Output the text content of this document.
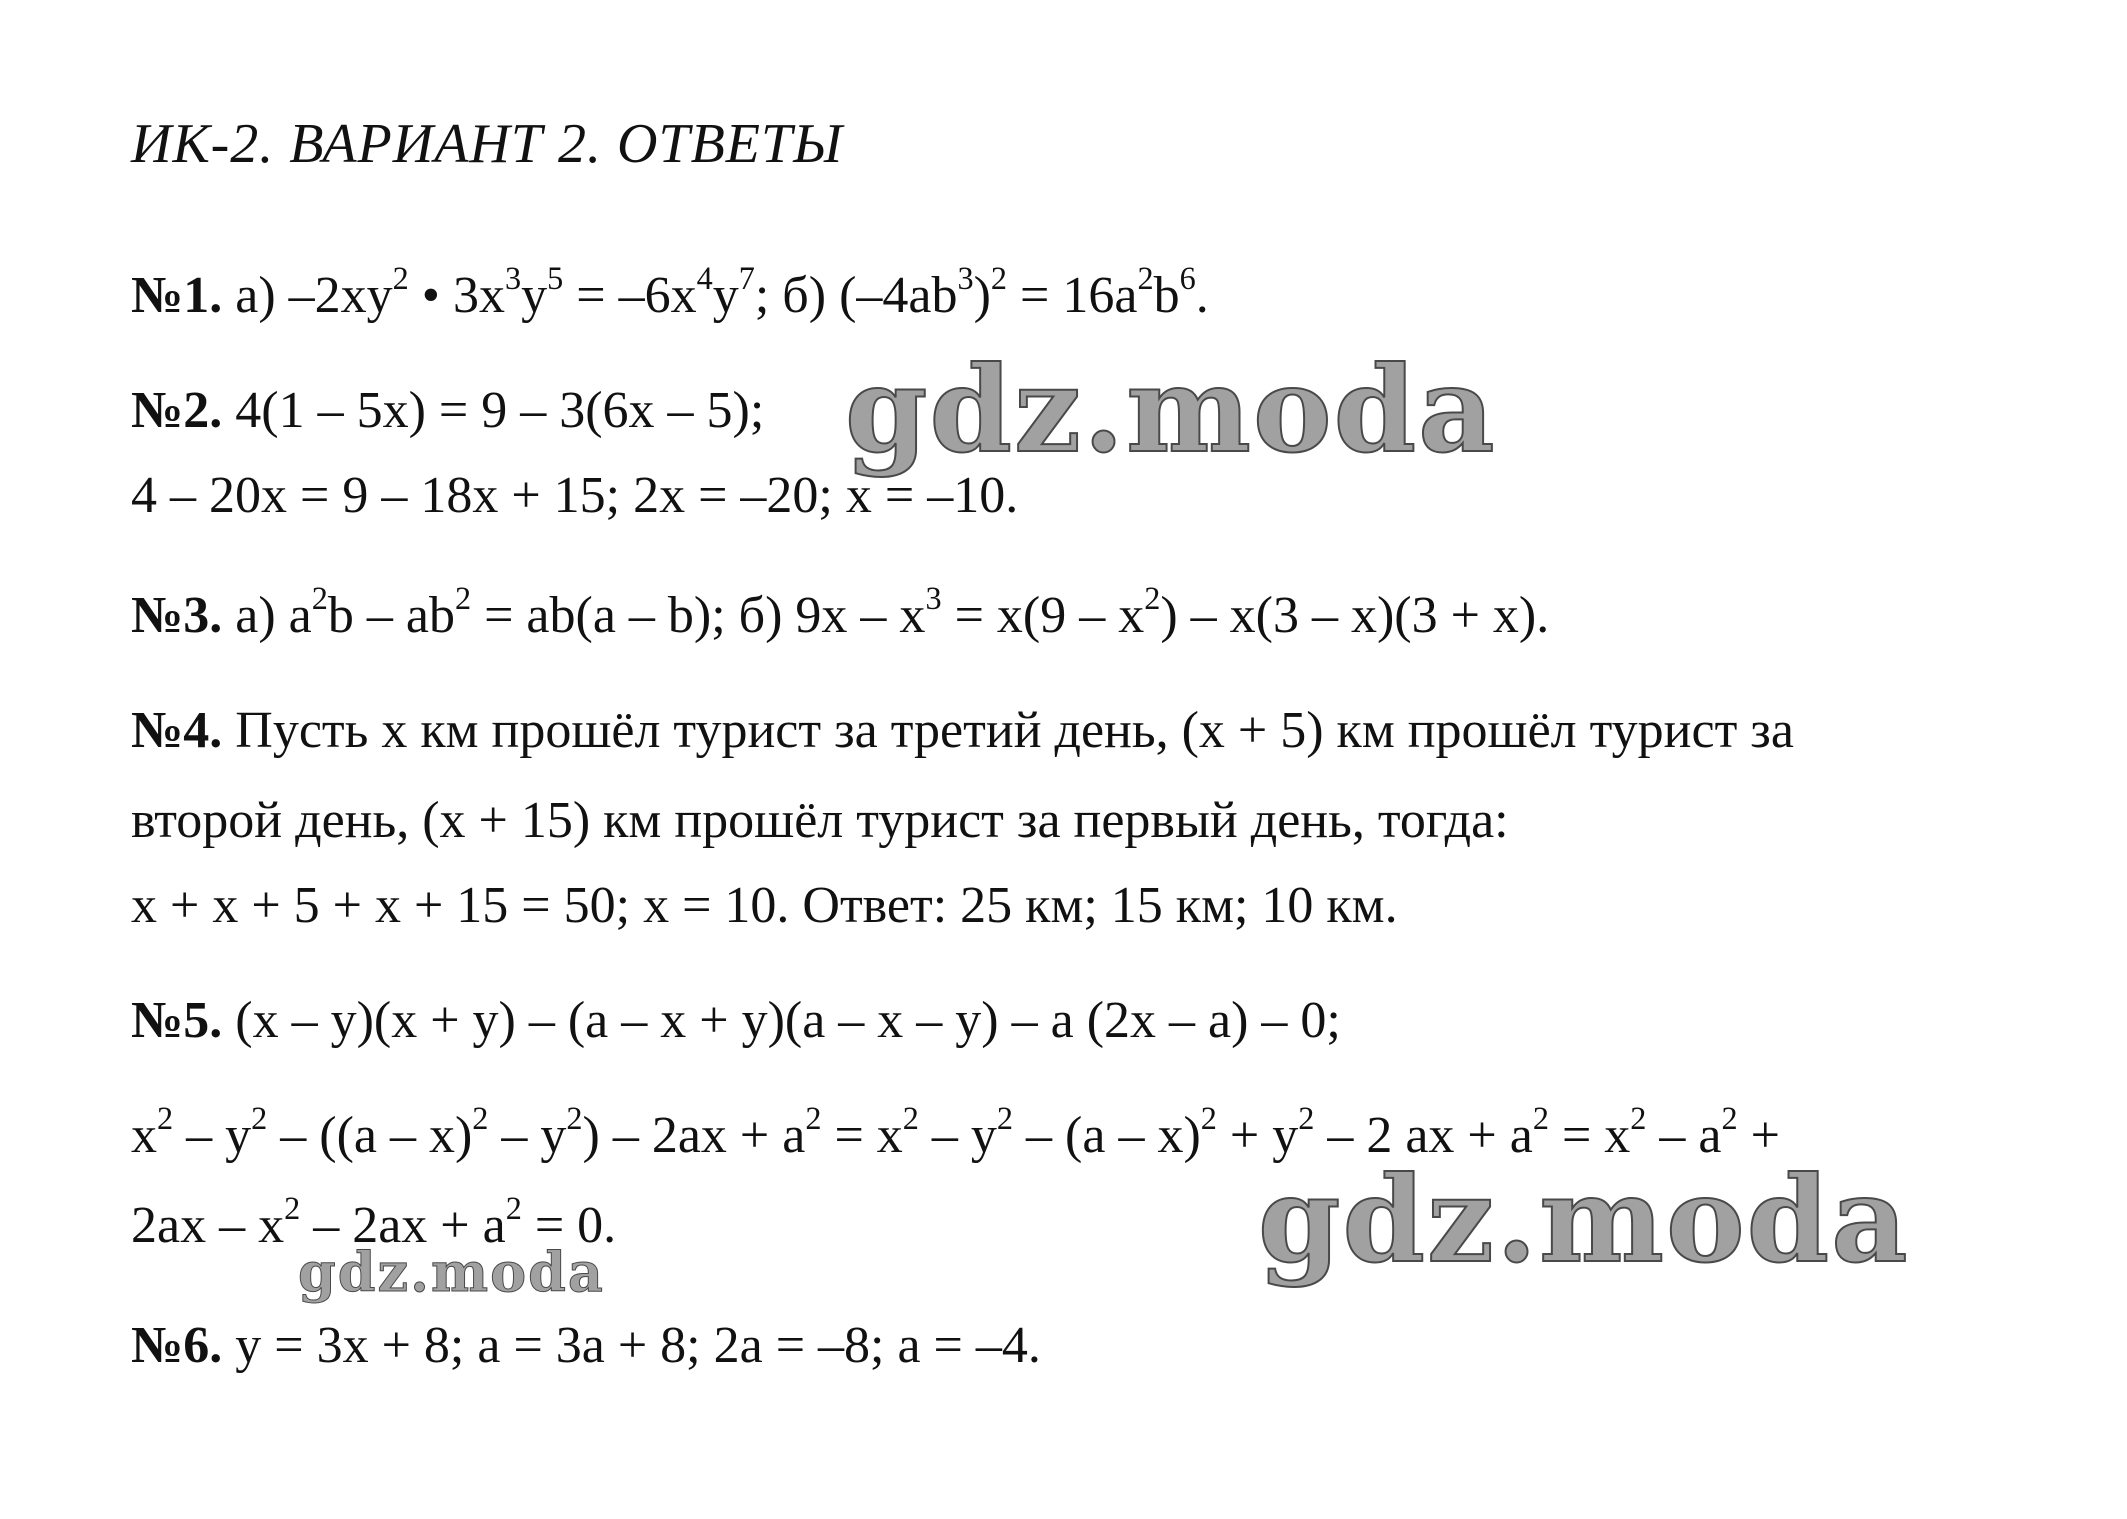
ИК-2. ВАРИАНТ 2. ОТВЕТЫ
№1. а) $-2xy^2$ • $3x^3y^5 = -6x^4y^7$; б) $(-4ab^3)^2 = 16a^2b^6$.
№2. 4(1 – 5x) = 9 – 3(6x – 5);
4 – 20x = 9 – 18x + 15; 2x = –20; x = –10.
№3. а) $a^2b - ab^2 = ab(a - b)$; б) $9x - x^3 = x(9 - x^2) - x(3 - x)(3 + x)$.
№4. Пусть x км прошёл турист за третий день, (x + 5) км прошёл турист за
второй день, (x + 15) км прошёл турист за первый день, тогда:
x + x + 5 + x + 15 = 50; x = 10. Ответ: 25 км; 15 км; 10 км.
№5. (x – y)(x + y) – (a – x + y)(a – x – y) – a (2x – a) – 0;
$x^2 - y^2 - ((a - x)^2 - y^2) - 2ax + a^2 = x^2 - y^2 - (a - x)^2 + y^2 - 2$ ax + $a^2 = x^2 - a^2$ +
$2ax - x^2 - 2ax + a^2 = 0$.
№6. y = 3x + 8; a = 3a + 8; 2a = –8; a = –4.
gdz.moda
gdz.moda
gdz.moda
